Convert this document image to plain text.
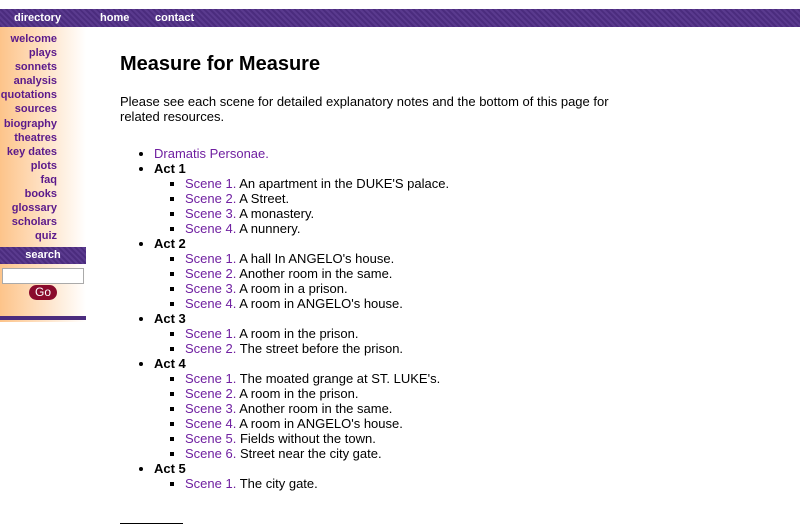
directory	home contact
welcome
plays
sonnets
analysis
quotations
sources
biography
theatres
key dates
plots
faq
books
glossary
scholars
quiz
search
Go
Measure for Measure

Please see each scene for detailed explanatory notes and the bottom of this page for related resources.

• Dramatis Personae.
• Act 1
▪ Scene 1. An apartment in the DUKE'S palace.
▪ Scene 2. A Street.
▪ Scene 3. A monastery.
▪ Scene 4. A nunnery.
• Act 2
▪ Scene 1. A hall In ANGELO's house.
▪ Scene 2. Another room in the same.
▪ Scene 3. A room in a prison.
▪ Scene 4. A room in ANGELO's house.
• Act 3
▪ Scene 1. A room in the prison.
▪ Scene 2. The street before the prison.
• Act 4
▪ Scene 1. The moated grange at ST. LUKE's.
▪ Scene 2. A room in the prison.
▪ Scene 3. Another room in the same.
▪ Scene 4. A room in ANGELO's house.
▪ Scene 5. Fields without the town.
▪ Scene 6. Street near the city gate.
• Act 5
▪ Scene 1. The city gate.
